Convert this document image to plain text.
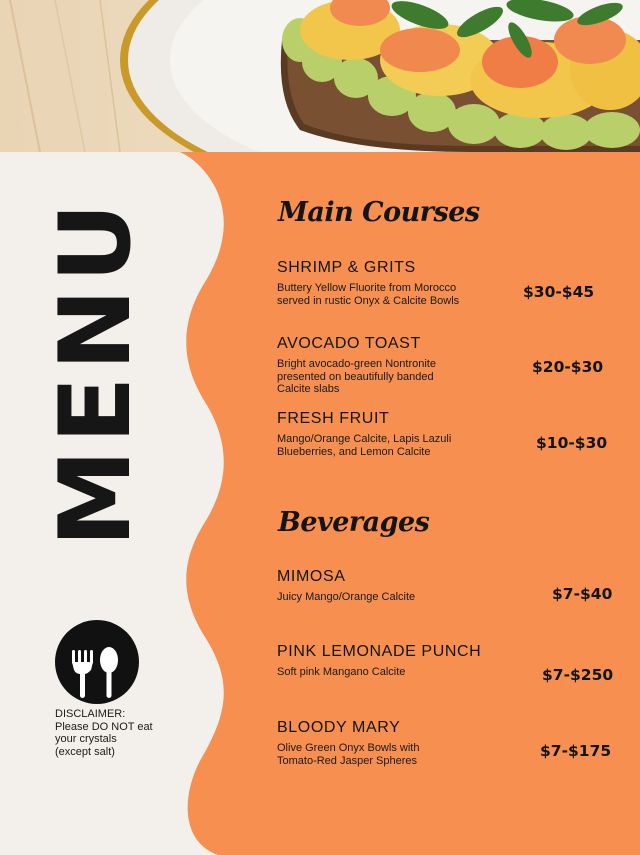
MENU
DISCLAIMER:
Please DO NOT eat
your crystals
(except salt)
Main Courses
SHRIMP & GRITS
Buttery Yellow Fluorite from Morocco served in rustic Onyx & Calcite Bowls	$30-$45
AVOCADO TOAST
Bright avocado-green Nontronite presented on beautifully banded Calcite slabs
$20-$30
FRESH FRUIT
Mango/Orange Calcite, Lapis Lazuli Blueberries, and Lemon Calcite	$10-$30
Beverages
MIMOSA
Juicy Mango/Orange Calcite	$7-$40
PINK LEMONADE PUNCH
Soft pink Mangano Calcite	$7-$250
BLOODY MARY
Olive Green Onyx Bowls with Tomato-Red Jasper Spheres
$7-$175
